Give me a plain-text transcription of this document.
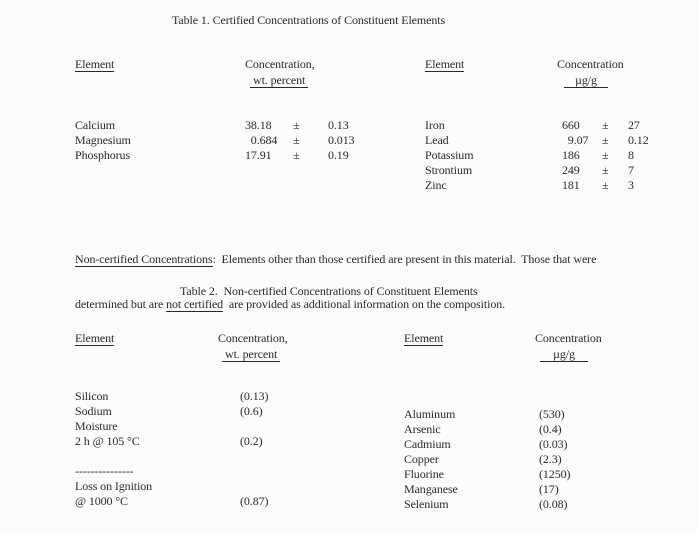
Table 1. Certified Concentrations of Constituent Elements
Element	Concentration,
wt. percent
Element	Concentration
µg/g
Calcium	38.18 ± 0.13
Magnesium	0.684 ± 0.013
Phosphorus	17.91 ± 0.19
Iron	660 ± 27
Lead	9.07 ± 0.12
Potassium	186 ± 8
Strontium	249 ± 7
Zinc	181 ± 3

Non-certified Concentrations:  Elements other than those certified are present in this material.  Those that were

determined but are not certified  are provided as additional information on the composition.

Table 2.  Non-certified Concentrations of Constituent Elements
Element	Concentration,
wt. percent
Element	Concentration
µg/g
Silicon	(0.13)
Sodium	(0.6)
Moisture
2 h @ 105 °C	(0.2)
---------------
Loss on Ignition
@ 1000 °C	(0.87)
Aluminum	(530)
Arsenic	(0.4)
Cadmium	(0.03)
Copper	(2.3)
Fluorine	(1250)
Manganese	(17)
Selenium	(0.08)
